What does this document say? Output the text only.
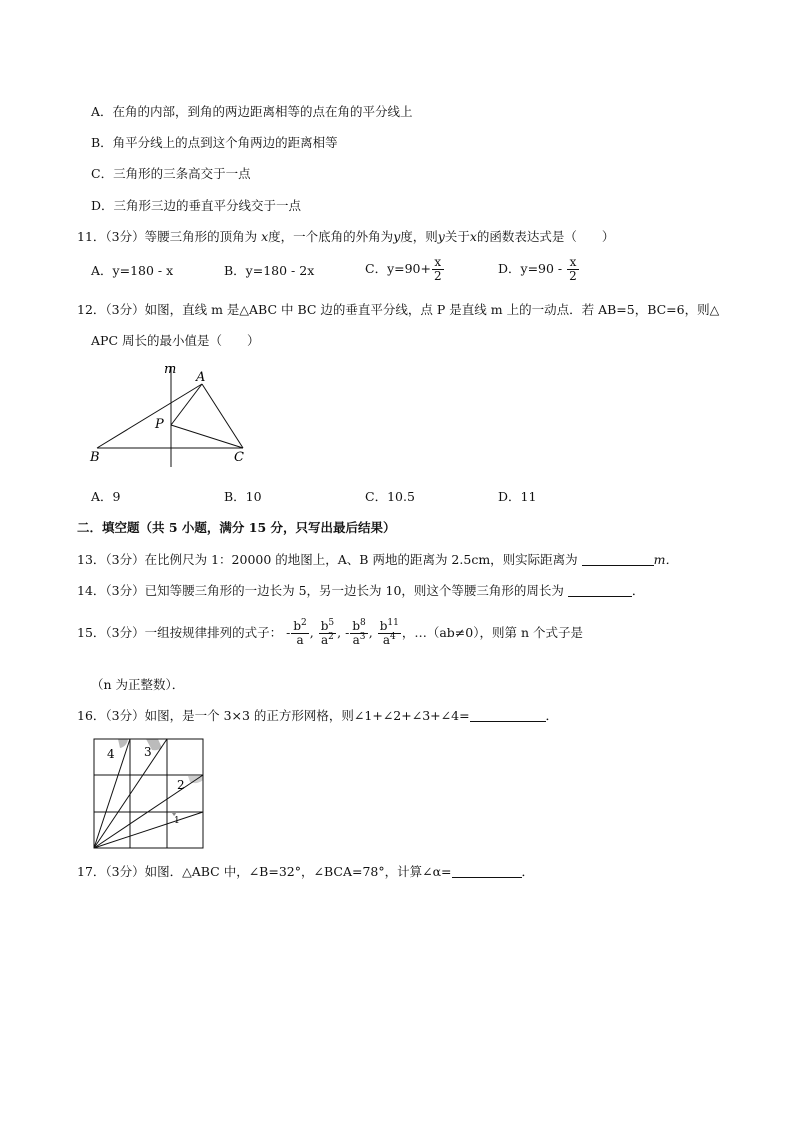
A．在角的内部，到角的两边距离相等的点在角的平分线上
B．角平分线上的点到这个角两边的距离相等
C．三角形的三条高交于一点
D．三角形三边的垂直平分线交于一点
11．（3分）等腰三角形的顶角为 x度，一个底角的外角为y度，则y关于x的函数表达式是（　　）
A．y=180 - x	B．y=180 - 2x	C．$y=90+ \frac{x}{2}$	D．$y=90 - \frac{x}{2}$
12．（3分）如图，直线 m 是△ABC 中 BC 边的垂直平分线，点 P 是直线 m 上的一动点．若 AB=5，BC=6，则△
APC 周长的最小值是（　　）
m
A
P
B	C
A．9	B．10	C．10.5	D．11
二．填空题（共 5 小题，满分 15 分，只写出最后结果）
13．（3分）在比例尺为 1：20000 的地图上，A、B 两地的距离为 2.5cm，则实际距离为	m．
14．（3分）已知等腰三角形的一边长为 5，另一边长为 10，则这个等腰三角形的周长为	．
15．（3分）一组按规律排列的式子： - $\frac{b^2}{a}$ , $\frac{b^5}{a^2}$ , - $\frac{b^8}{a^3}$ , $\frac{b^{11}}{a^4}$ ，…（ab≠0），则第 n 个式子是
（n 为正整数）．
16．（3分）如图，是一个 3×3 的正方形网格，则∠1+∠2+∠3+∠4=	．
4 3
2
1
17．（3分）如图．△ABC 中，∠B=32°，∠BCA=78°，计算∠α=	．
